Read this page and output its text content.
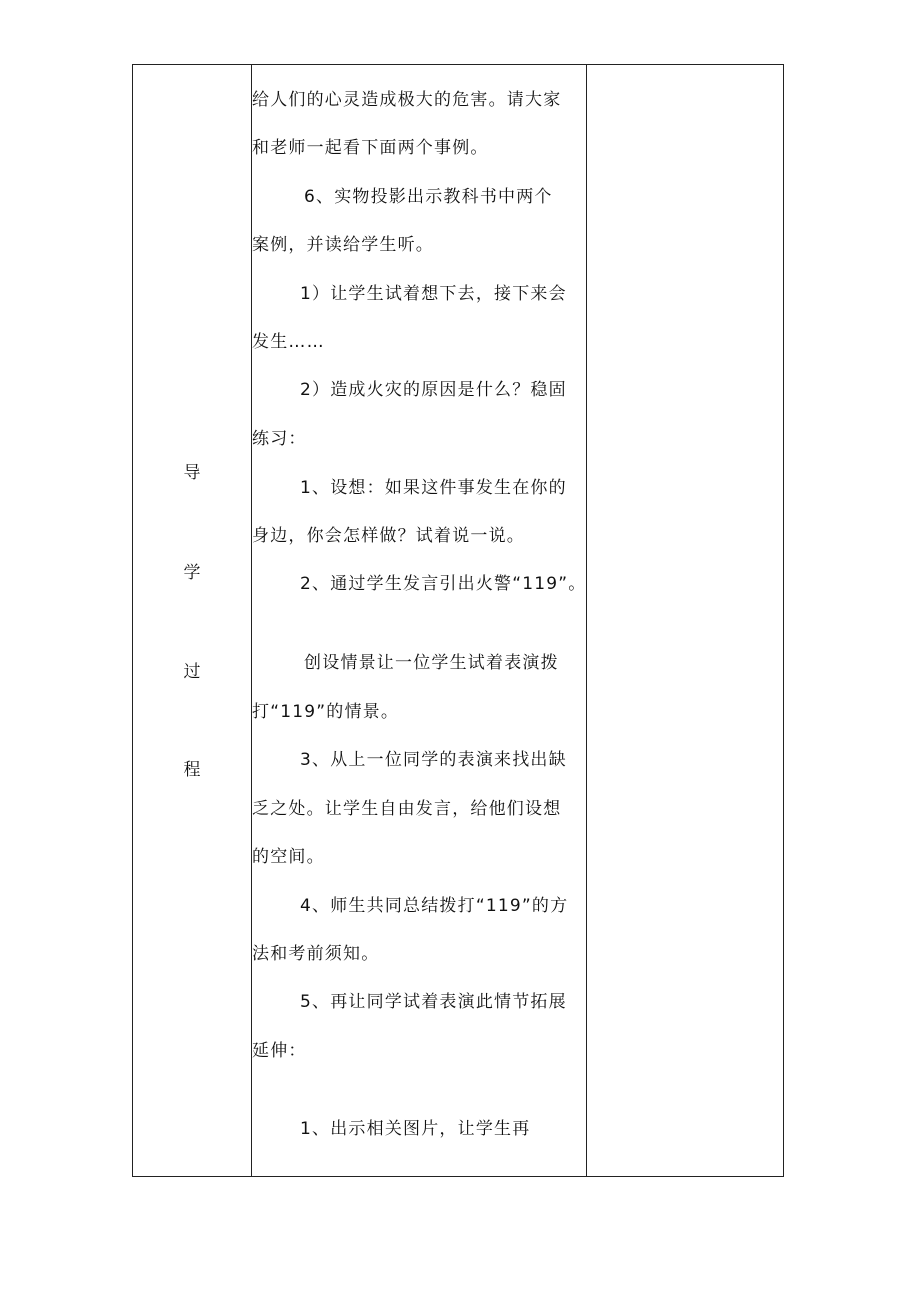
导
学
过
程
给人们的心灵造成极大的危害。请大家
和老师一起看下面两个事例。
6、实物投影出示教科书中两个
案例，并读给学生听。
1）让学生试着想下去，接下来会
发生……
2）造成火灾的原因是什么？稳固
练习：
1、设想：如果这件事发生在你的
身边，你会怎样做？试着说一说。
2、通过学生发言引出火警“119”。
创设情景让一位学生试着表演拨
打“119”的情景。
3、从上一位同学的表演来找出缺
乏之处。让学生自由发言，给他们设想
的空间。
4、师生共同总结拨打“119”的方
法和考前须知。
5、再让同学试着表演此情节拓展
延伸：
1、出示相关图片，让学生再
